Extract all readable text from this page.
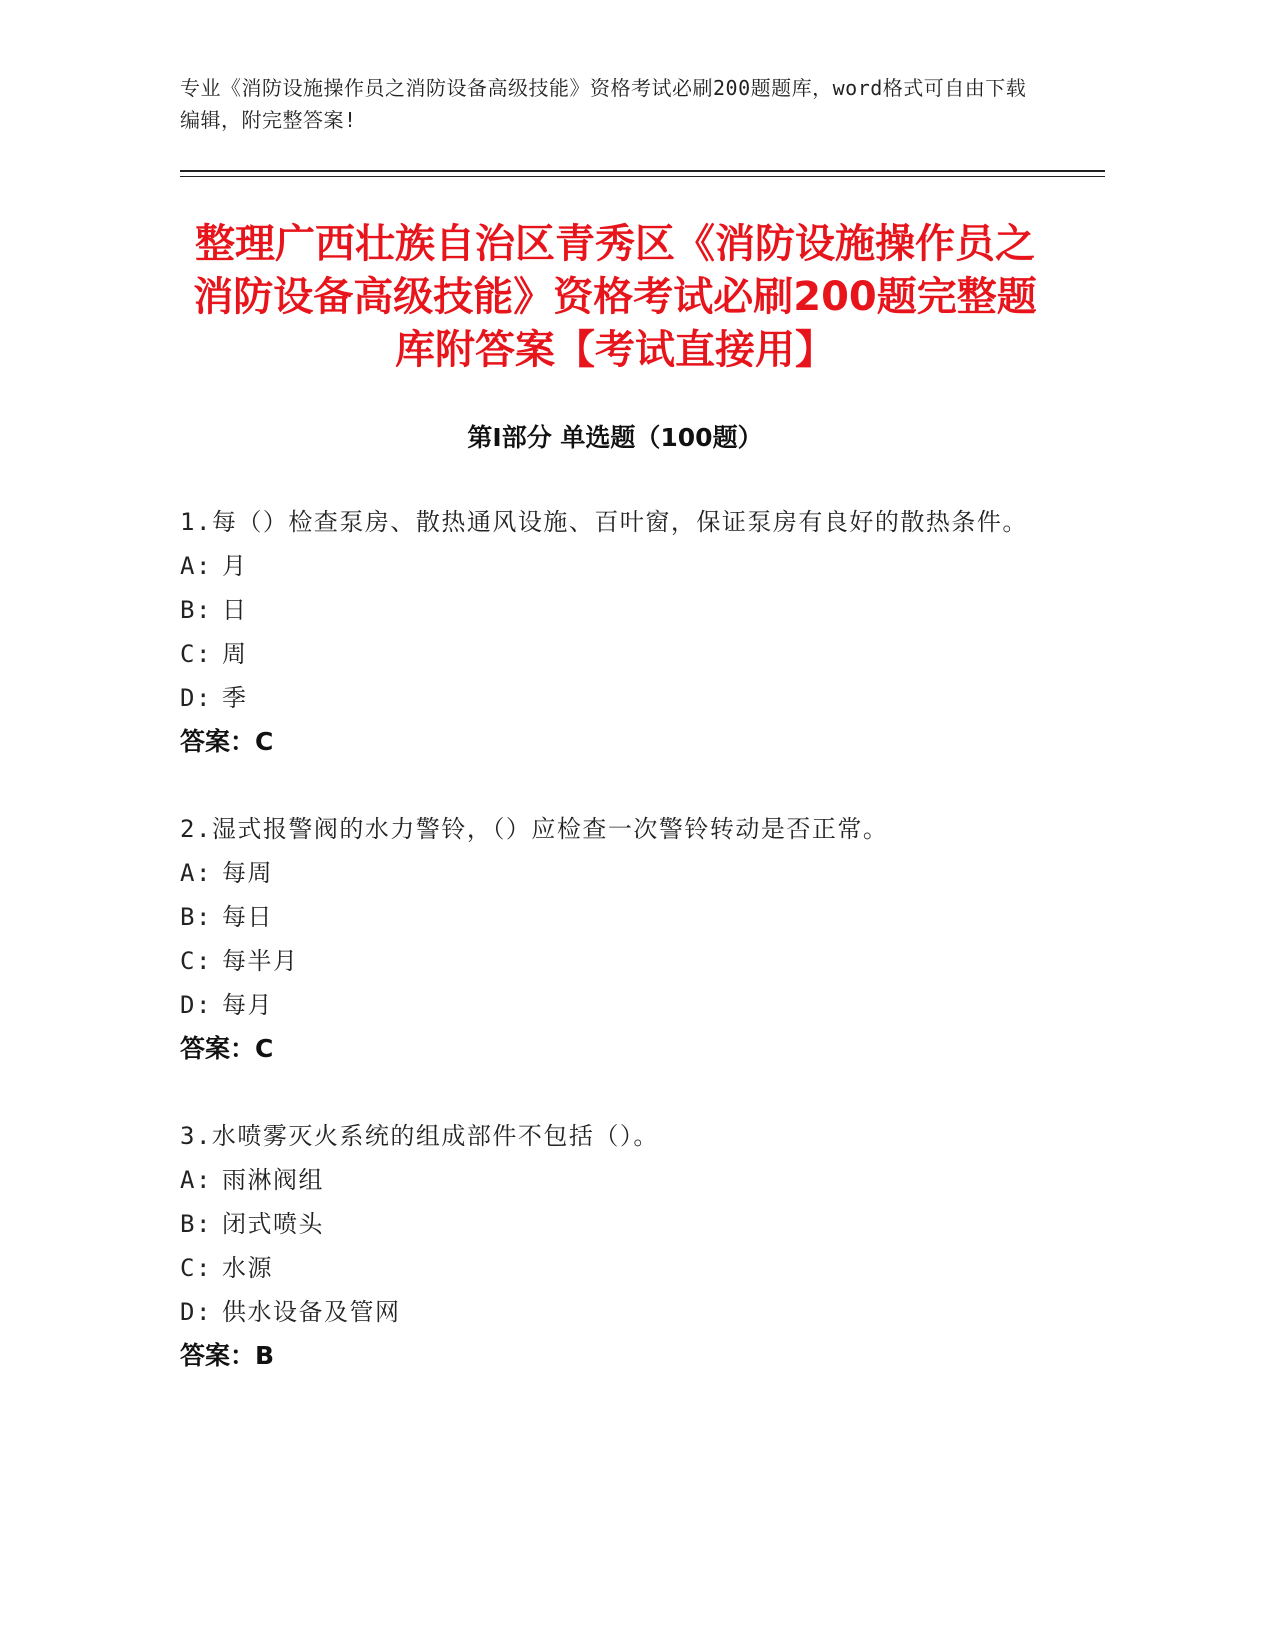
专业《消防设施操作员之消防设备高级技能》资格考试必刷200题题库，word格式可自由下载编辑，附完整答案!
整理广西壮族自治区青秀区《消防设施操作员之消防设备高级技能》资格考试必刷200题完整题库附答案【考试直接用】
第Ⅰ部分 单选题（100题）
1.每（）检查泵房、散热通风设施、百叶窗，保证泵房有良好的散热条件。
A: 月
B: 日
C: 周
D: 季
答案：C
2.湿式报警阀的水力警铃，（）应检查一次警铃转动是否正常。
A: 每周
B: 每日
C: 每半月
D: 每月
答案：C
3.水喷雾灭火系统的组成部件不包括（）。
A: 雨淋阀组
B: 闭式喷头
C: 水源
D: 供水设备及管网
答案：B
